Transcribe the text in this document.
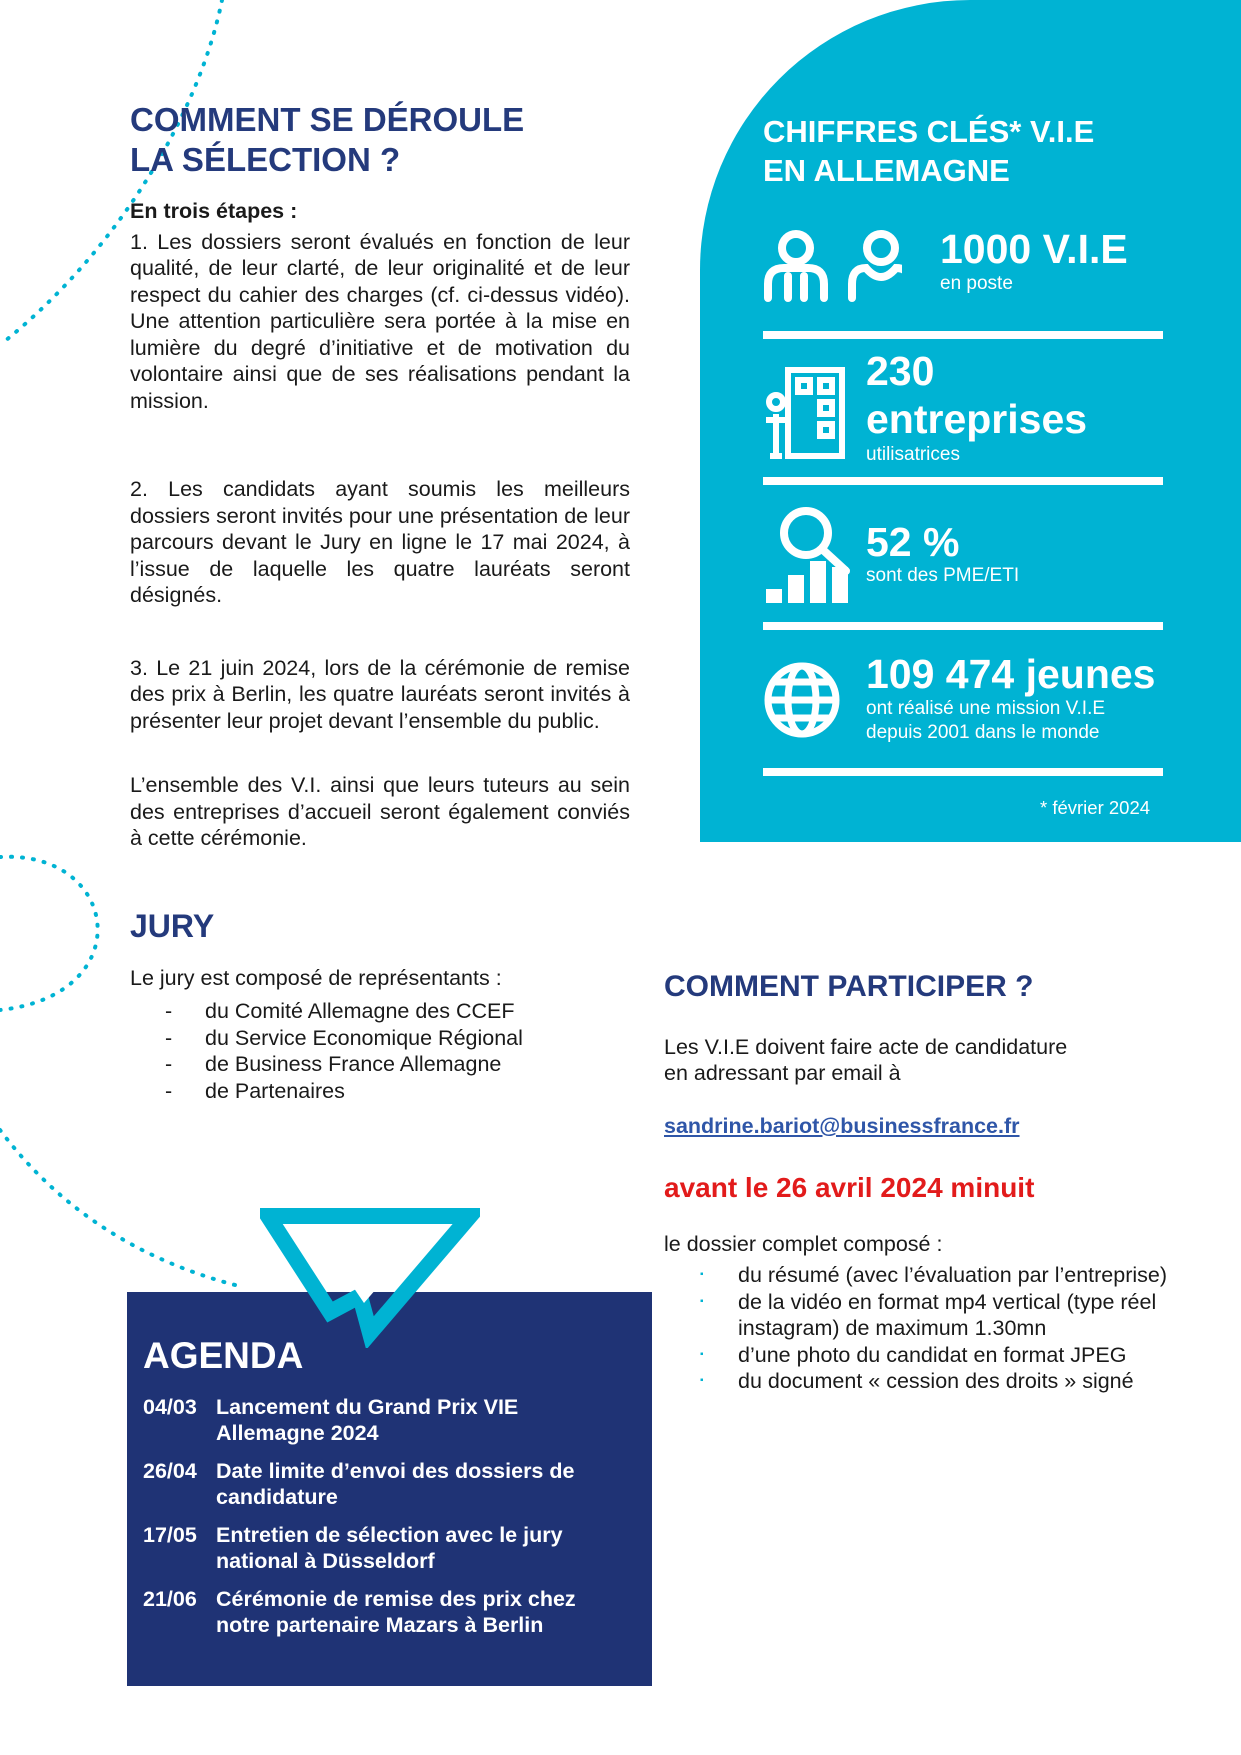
COMMENT SE DÉROULE
LA SÉLECTION ?

En trois étapes :

1. Les dossiers seront évalués en fonction de leur qualité, de leur clarté, de leur originalité et de leur respect du cahier des charges (cf. ci-dessus vidéo). Une attention particulière sera portée à la mise en lumière du degré d’initiative et de motivation du volontaire ainsi que de ses réalisations pendant la mission.

2. Les candidats ayant soumis les meilleurs dossiers seront invités pour une présentation de leur parcours devant le Jury en ligne le 17 mai 2024, à l’issue de laquelle les quatre lauréats seront désignés.

3. Le 21 juin 2024, lors de la cérémonie de remise des prix à Berlin, les quatre lauréats seront invités à présenter leur projet devant l’ensemble du public.

L’ensemble des V.I. ainsi que leurs tuteurs au sein des entreprises d’accueil seront également conviés à cette cérémonie.

CHIFFRES CLÉS* V.I.E
EN ALLEMAGNE
1000 V.I.E
en poste
230
entreprises
utilisatrices
52 %
sont des PME/ETI
109 474 jeunes
ont réalisé une mission V.I.E
depuis 2001 dans le monde
* février 2024
JURY
Le jury est composé de représentants :
- du Comité Allemagne des CCEF
- du Service Economique Régional
- de Business France Allemagne
- de Partenaires
COMMENT PARTICIPER ?
Les V.I.E doivent faire acte de candidature
en adressant par email à
sandrine.bariot@businessfrance.fr
avant le 26 avril 2024 minuit
le dossier complet composé :
▪ du résumé (avec l’évaluation par l’entreprise)
▪ de la vidéo en format mp4 vertical (type réel instagram) de maximum 1.30mn
▪ d’une photo du candidat en format JPEG
▪ du document « cession des droits » signé
AGENDA
04/03 Lancement du Grand Prix VIE Allemagne 2024
26/04 Date limite d’envoi des dossiers de candidature
17/05 Entretien de sélection avec le jury national à Düsseldorf
21/06 Cérémonie de remise des prix chez notre partenaire Mazars à Berlin
